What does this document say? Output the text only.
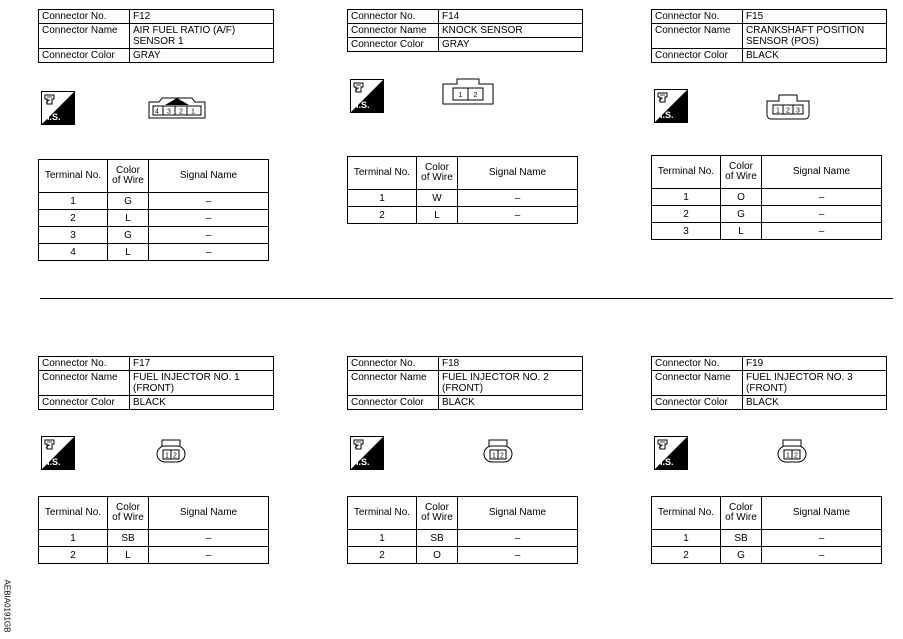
Connector No.	F12
Connector Name	AIR FUEL RATIO (A/F) SENSOR 1
Connector Color	GRAY
H.S.	4 3 2 1
Terminal No.	Color of Wire	Signal Name
1	G	–
2	L	–
3	G	–
4	L	–
Connector No.	F14
Connector Name	KNOCK SENSOR
Connector Color	GRAY
H.S.
1 2
Terminal No.	Color of Wire	Signal Name
1	W	–
2	L	–
Connector No.	F15
Connector Name	CRANKSHAFT POSITION SENSOR (POS)
Connector Color	BLACK
H.S.	1 2 3
Terminal No.	Color of Wire	Signal Name
1	O	–
2	G	–
3	L	–
Connector No.	F17
Connector Name	FUEL INJECTOR NO. 1 (FRONT)
Connector Color	BLACK
H.S.
1 2
Terminal No.	Color of Wire	Signal Name
1	SB	–
2	L	–
Connector No.	F18
Connector Name	FUEL INJECTOR NO. 2 (FRONT)
Connector Color	BLACK
H.S.
1 2
Terminal No.	Color of Wire	Signal Name
1	SB	–
2	O	–
Connector No.	F19
Connector Name	FUEL INJECTOR NO. 3 (FRONT)
Connector Color	BLACK
H.S.
1 2
Terminal No.	Color of Wire	Signal Name
1	SB	–
2	G	–
AEBIA0191GB
